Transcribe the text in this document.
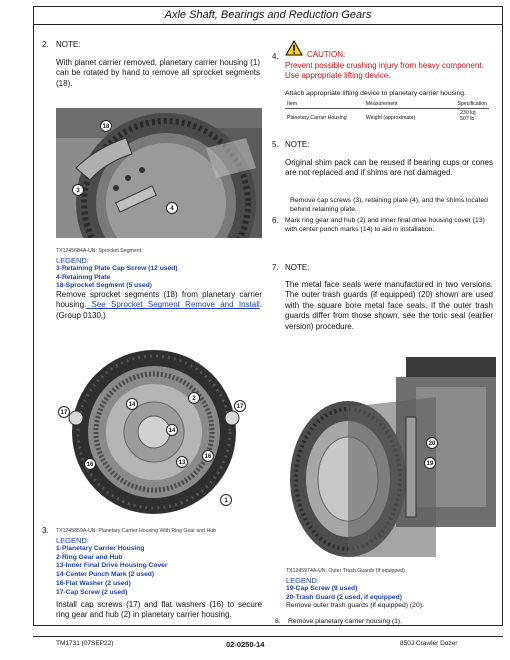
Axle Shaft, Bearings and Reduction Gears
2. NOTE:
With planet carrier removed, planetary carrier housing (1) can be rotated by hand to remove all sprocket segments (18).
18
3
4
TX1245684A-UN: Sprocket Segment
LEGEND:
3-Retaining Plate Cap Screw (12 used)
4-Retaining Plate
18-Sprocket Segment (5 used)
Remove sprocket segments (18) from planetary carrier housing. See Sprocket Segment Remove and Install. (Group 0130.)
2
17
17
14
14
16	13
16
1
3. TX1245859A-UN: Planetary Carrier Housing With Ring Gear and Hub
LEGEND:
1-Planetary Carrier Housing
2-Ring Gear and Hub
13-Inner Final Drive Housing Cover
14-Center Punch Mark (2 used)
16-Flat Washer (2 used)
17-Cap Screw (2 used)
Install cap screws (17) and flat washers (16) to secure ring gear and hub (2) in planetary carrier housing.
4.	CAUTION:
Prevent possible crushing injury from heavy component. Use appropriate lifting device.
Attach appropriate lifting device to planetary carrier housing.
Item	Measurement	Specification
Planetary Carrier Housing	Weight (approximate)	230 kg
507 lb
5. NOTE:
Original shim pack can be reused if bearing cups or cones are not replaced and if shims are not damaged.
Remove cap screws (3), retaining plate (4), and the shims located behind retaining plate.
6. Mark ring gear and hub (2) and inner final drive housing cover (13) with center punch marks (14) to aid in installation.
7. NOTE:
The metal face seals were manufactured in two versions. The outer trash guards (if equipped) (20) shown are used with the square bore metal face seals. If the outer trash guards differ from those shown, see the toric seal (earlier version) procedure.
20
19
TX1245974A-UN: Outer Trash Guards (If equipped)
LEGEND:
19-Cap Screw (9 used)
20-Trash Guard (2 used, if equipped)
Remove outer trash guards (if equipped) (20).
8. Remove planetary carrier housing (1).
TM1731 (07SEP22)	02-0250-14	850J Crawler Dozer
